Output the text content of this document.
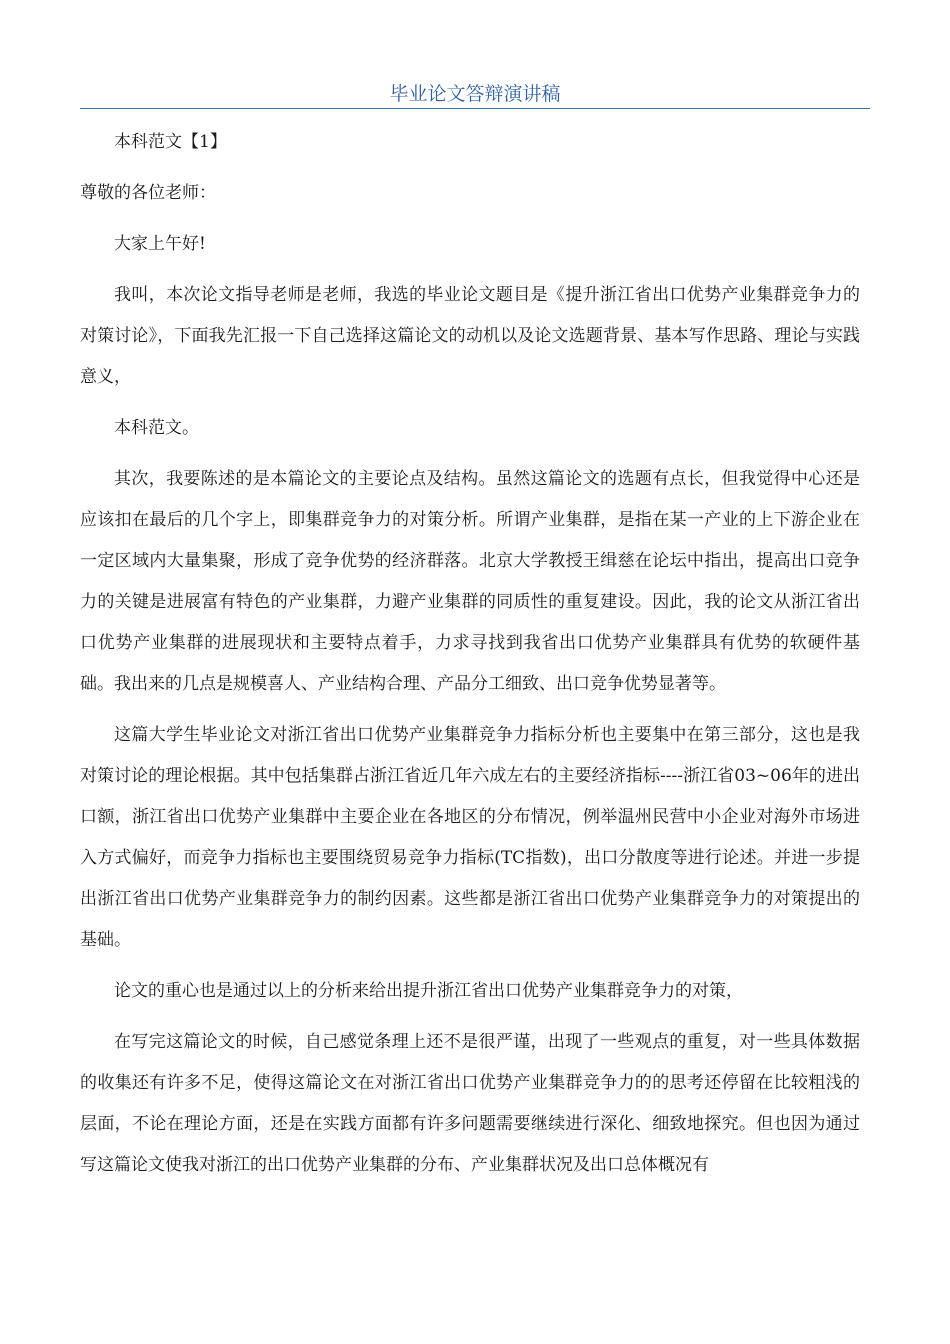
毕业论文答辩演讲稿

本科范文【1】

尊敬的各位老师：

大家上午好!

我叫，本次论文指导老师是老师，我选的毕业论文题目是《提升浙江省出口优势产业集群竞争力的对策讨论》，下面我先汇报一下自己选择这篇论文的动机以及论文选题背景、基本写作思路、理论与实践意义，

本科范文。

其次，我要陈述的是本篇论文的主要论点及结构。虽然这篇论文的选题有点长，但我觉得中心还是应该扣在最后的几个字上，即集群竞争力的对策分析。所谓产业集群，是指在某一产业的上下游企业在一定区域内大量集聚，形成了竞争优势的经济群落。北京大学教授王缉慈在论坛中指出，提高出口竞争力的关键是进展富有特色的产业集群，力避产业集群的同质性的重复建设。因此，我的论文从浙江省出口优势产业集群的进展现状和主要特点着手，力求寻找到我省出口优势产业集群具有优势的软硬件基础。我出来的几点是规模喜人、产业结构合理、产品分工细致、出口竞争优势显著等。

这篇大学生毕业论文对浙江省出口优势产业集群竞争力指标分析也主要集中在第三部分，这也是我对策讨论的理论根据。其中包括集群占浙江省近几年六成左右的主要经济指标----浙江省03~06年的进出口额，浙江省出口优势产业集群中主要企业在各地区的分布情况，例举温州民营中小企业对海外市场进入方式偏好，而竞争力指标也主要围绕贸易竞争力指标(TC指数)，出口分散度等进行论述。并进一步提出浙江省出口优势产业集群竞争力的制约因素。这些都是浙江省出口优势产业集群竞争力的对策提出的基础。

论文的重心也是通过以上的分析来给出提升浙江省出口优势产业集群竞争力的对策，

在写完这篇论文的时候，自己感觉条理上还不是很严谨，出现了一些观点的重复，对一些具体数据的收集还有许多不足，使得这篇论文在对浙江省出口优势产业集群竞争力的的思考还停留在比较粗浅的层面，不论在理论方面，还是在实践方面都有许多问题需要继续进行深化、细致地探究。但也因为通过写这篇论文使我对浙江的出口优势产业集群的分布、产业集群状况及出口总体概况有
